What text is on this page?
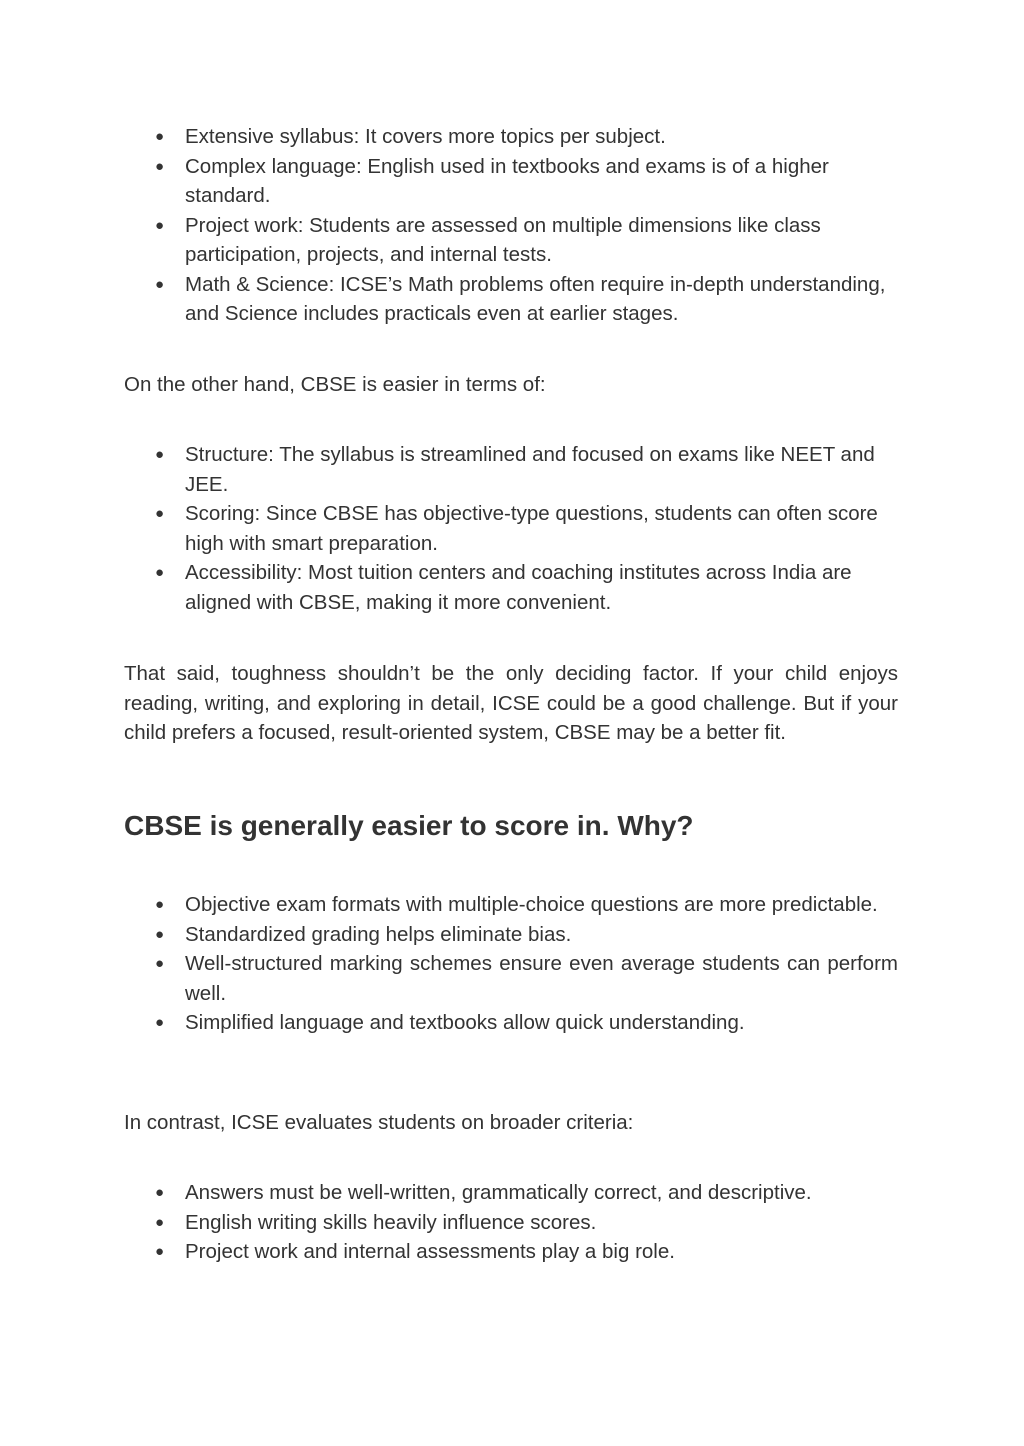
● Extensive syllabus: It covers more topics per subject.
● Complex language: English used in textbooks and exams is of a higher standard.
● Project work: Students are assessed on multiple dimensions like class participation, projects, and internal tests.
● Math & Science: ICSE’s Math problems often require in-depth understanding, and Science includes practicals even at earlier stages.

On the other hand, CBSE is easier in terms of:

● Structure: The syllabus is streamlined and focused on exams like NEET and JEE.
● Scoring: Since CBSE has objective-type questions, students can often score high with smart preparation.
● Accessibility: Most tuition centers and coaching institutes across India are aligned with CBSE, making it more convenient.

That said, toughness shouldn’t be the only deciding factor. If your child enjoys reading, writing, and exploring in detail, ICSE could be a good challenge. But if your child prefers a focused, result-oriented system, CBSE may be a better fit.

CBSE is generally easier to score in. Why?
● Objective exam formats with multiple-choice questions are more predictable.
● Standardized grading helps eliminate bias.
● Well-structured marking schemes ensure even average students can perform well.
● Simplified language and textbooks allow quick understanding.

In contrast, ICSE evaluates students on broader criteria:

● Answers must be well-written, grammatically correct, and descriptive.
● English writing skills heavily influence scores.
● Project work and internal assessments play a big role.
